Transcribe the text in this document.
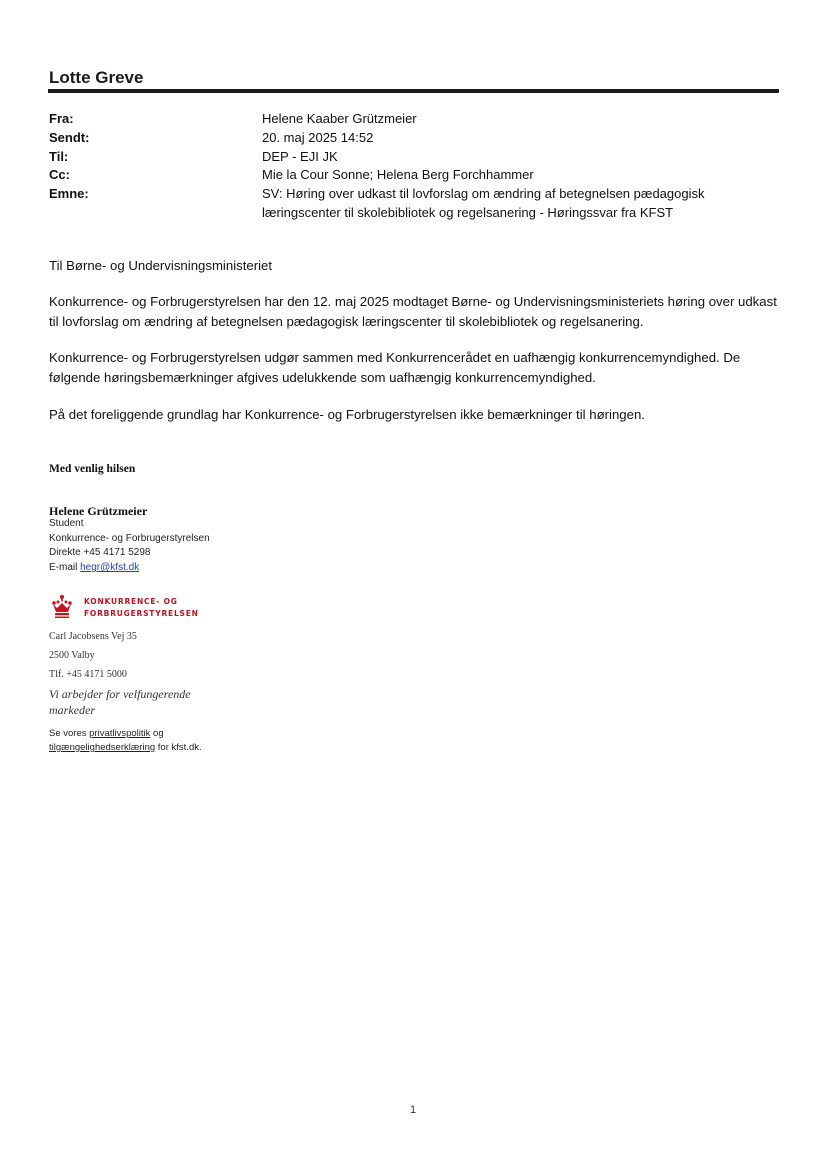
Lotte Greve
Fra:	Helene Kaaber Grützmeier
Sendt:	20. maj 2025 14:52
Til:	DEP - EJI JK
Cc:	Mie la Cour Sonne; Helena Berg Forchhammer
Emne:	SV: Høring over udkast til lovforslag om ændring af betegnelsen pædagogisk læringscenter til skolebibliotek og regelsanering - Høringssvar fra KFST
Til Børne- og Undervisningsministeriet
Konkurrence- og Forbrugerstyrelsen har den 12. maj 2025 modtaget Børne- og Undervisningsministeriets høring over udkast til lovforslag om ændring af betegnelsen pædagogisk læringscenter til skolebibliotek og regelsanering.
Konkurrence- og Forbrugerstyrelsen udgør sammen med Konkurrencerådet en uafhængig konkurrencemyndighed. De følgende høringsbemærkninger afgives udelukkende som uafhængig konkurrencemyndighed.
På det foreliggende grundlag har Konkurrence- og Forbrugerstyrelsen ikke bemærkninger til høringen.
Med venlig hilsen
Helene Grützmeier
Student
Konkurrence- og Forbrugerstyrelsen
Direkte +45 4171 5298
E-mail hegr@kfst.dk
KONKURRENCE- OG
FORBRUGERSTYRELSEN
Carl Jacobsens Vej 35
2500 Valby
Tlf. +45 4171 5000
Vi arbejder for velfungerende
markeder
Se vores privatlivspolitik og
tilgængelighedserklæring for kfst.dk.
1
